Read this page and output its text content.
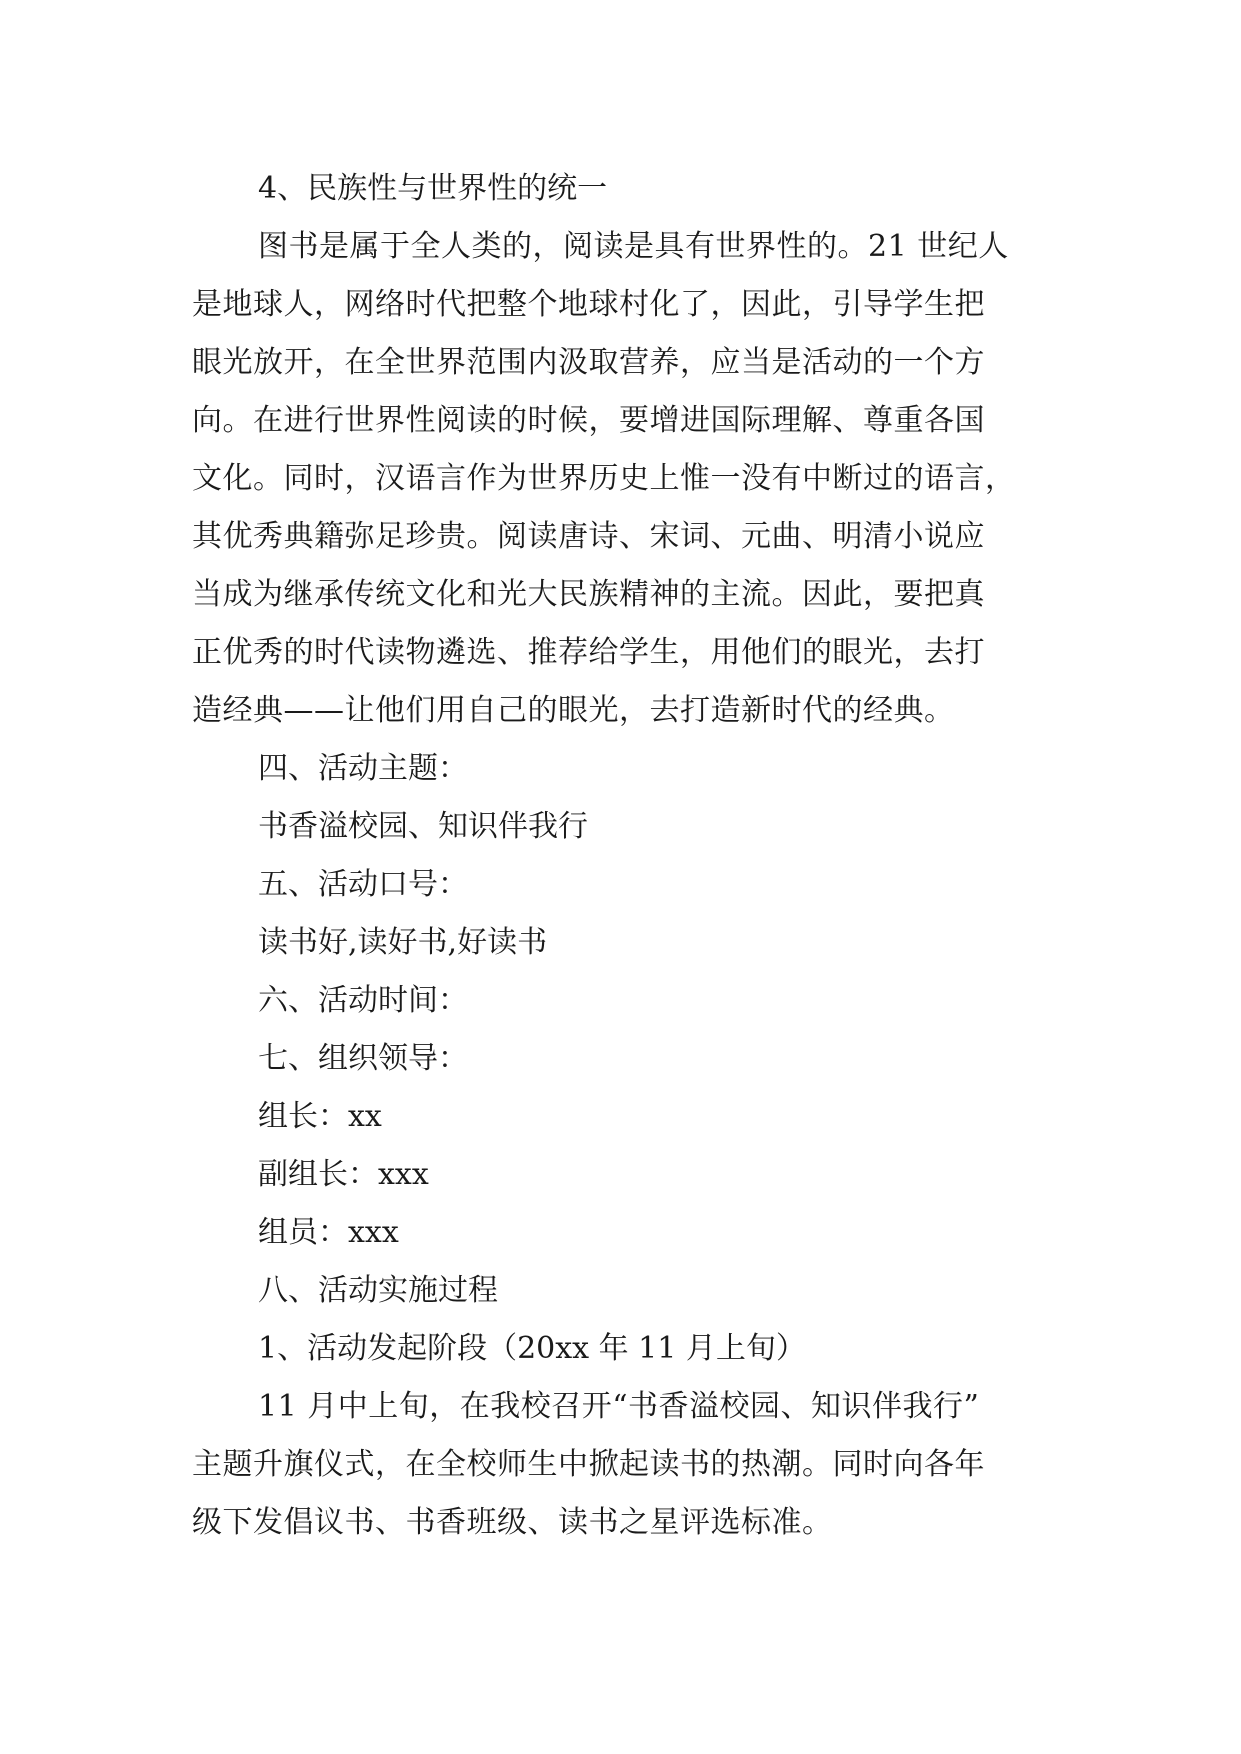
4、民族性与世界性的统一
图书是属于全人类的，阅读是具有世界性的。21 世纪人
是地球人，网络时代把整个地球村化了，因此，引导学生把
眼光放开，在全世界范围内汲取营养，应当是活动的一个方
向。在进行世界性阅读的时候，要增进国际理解、尊重各国
文化。同时，汉语言作为世界历史上惟一没有中断过的语言，
其优秀典籍弥足珍贵。阅读唐诗、宋词、元曲、明清小说应
当成为继承传统文化和光大民族精神的主流。因此，要把真
正优秀的时代读物遴选、推荐给学生，用他们的眼光，去打
造经典——让他们用自己的眼光，去打造新时代的经典。
四、活动主题：
书香溢校园、知识伴我行
五、活动口号：
读书好,读好书,好读书
六、活动时间：
七、组织领导：
组长：xx
副组长：xxx
组员：xxx
八、活动实施过程
1、活动发起阶段（20xx 年 11 月上旬）
11 月中上旬，在我校召开“书香溢校园、知识伴我行”
主题升旗仪式，在全校师生中掀起读书的热潮。同时向各年
级下发倡议书、书香班级、读书之星评选标准。
